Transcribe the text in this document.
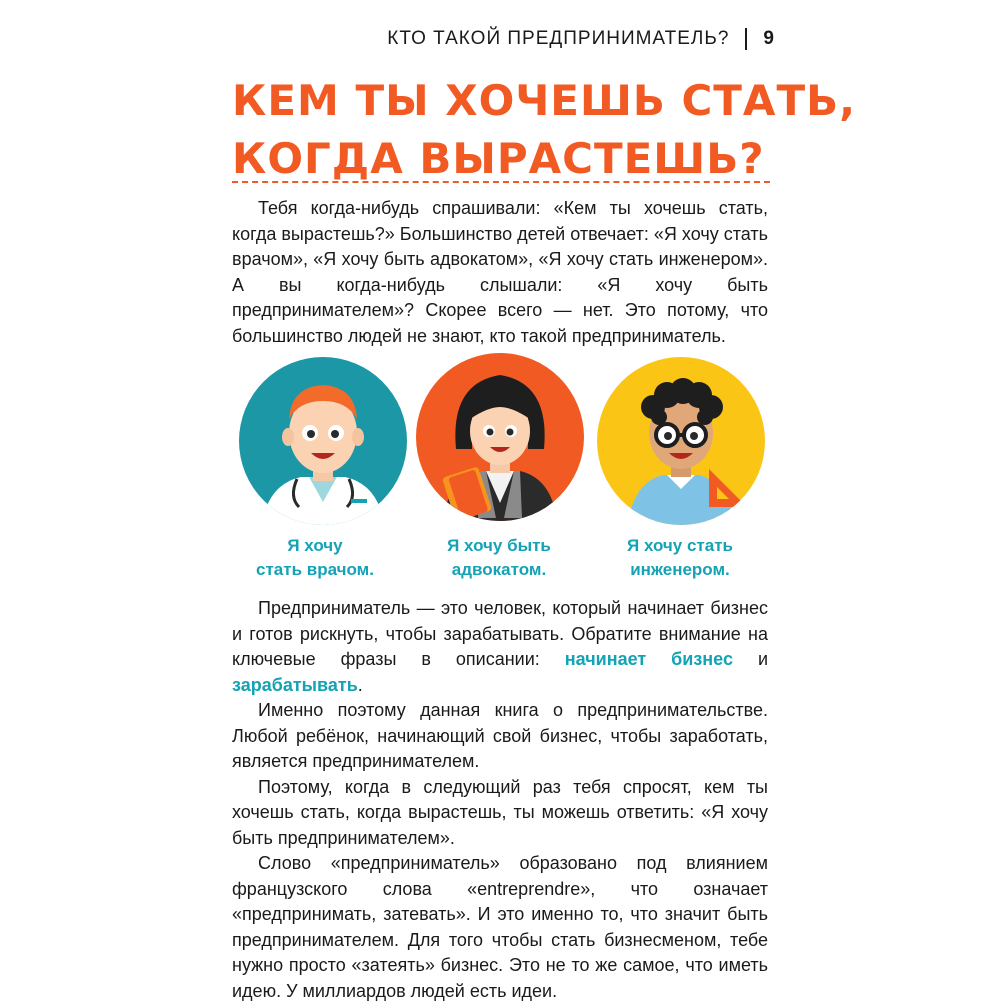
КТО ТАКОЙ ПРЕДПРИНИМАТЕЛЬ? 9
КЕМ ТЫ ХОЧЕШЬ СТАТЬ,
КОГДА ВЫРАСТЕШЬ?

Тебя когда-нибудь спрашивали: «Кем ты хочешь стать, когда вырастешь?» Большинство детей отвечает: «Я хочу стать врачом», «Я хочу быть адвокатом», «Я хочу стать инженером». А вы когда-нибудь слышали: «Я хочу быть предпринимателем»? Скорее всего — нет. Это потому, что большинство людей не знают, кто такой предприниматель.

Я хочу
стать врачом.
Я хочу быть
адвокатом.
Я хочу стать
инженером.

Предприниматель — это человек, который начинает бизнес и готов рискнуть, чтобы зарабатывать. Обратите внимание на ключевые фразы в описании: начинает бизнес и зарабатывать.

Именно поэтому данная книга о предпринимательстве. Любой ребёнок, начинающий свой бизнес, чтобы заработать, является предпринимателем.

Поэтому, когда в следующий раз тебя спросят, кем ты хочешь стать, когда вырастешь, ты можешь ответить: «Я хочу быть предпринимателем».

Слово «предприниматель» образовано под влиянием французского слова «entreprendre», что означает «предпринимать, затевать». И это именно то, что значит быть предпринимателем. Для того чтобы стать бизнесменом, тебе нужно просто «затеять» бизнес. Это не то же самое, что иметь идею. У миллиардов людей есть идеи.
